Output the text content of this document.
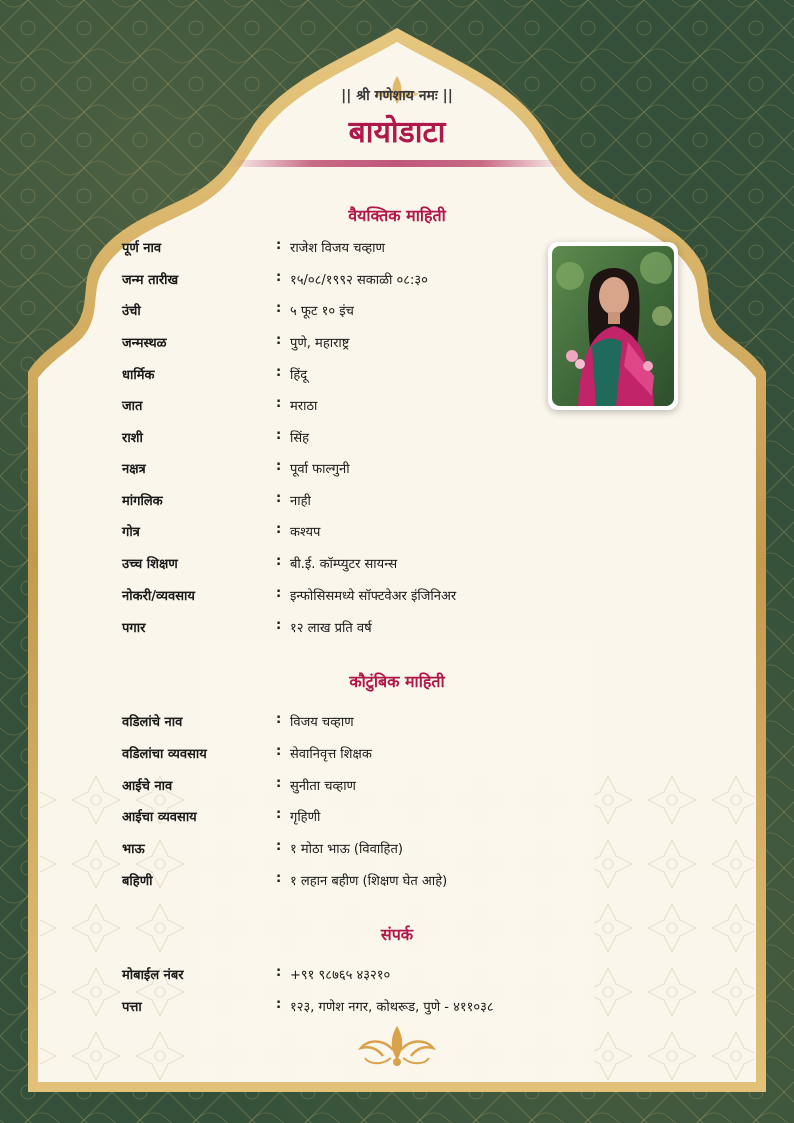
|| श्री गणेशाय नमः ||
बायोडाटा
वैयक्तिक माहिती
पूर्ण नाव	: राजेश विजय चव्हाण
जन्म तारीख	: १५/०८/१९९२ सकाळी ०८:३०
उंची	: ५ फूट १० इंच
जन्मस्थळ	: पुणे, महाराष्ट्र
धार्मिक	: हिंदू
जात	: मराठा
राशी	: सिंह
नक्षत्र	: पूर्वा फाल्गुनी
मांगलिक	: नाही
गोत्र	: कश्यप
उच्च शिक्षण	: बी.ई. कॉम्प्युटर सायन्स
नोकरी/व्यवसाय	: इन्फोसिसमध्ये सॉफ्टवेअर इंजिनिअर
पगार	: १२ लाख प्रति वर्ष
कौटुंबिक माहिती
वडिलांचे नाव	: विजय चव्हाण
वडिलांचा व्यवसाय	: सेवानिवृत्त शिक्षक
आईचे नाव	: सुनीता चव्हाण
आईचा व्यवसाय	: गृहिणी
भाऊ	: १ मोठा भाऊ (विवाहित)
बहिणी	: १ लहान बहीण (शिक्षण घेत आहे)
संपर्क
मोबाईल नंबर	: +९१ ९८७६५ ४३२१०
पत्ता	: १२३, गणेश नगर, कोथरूड, पुणे - ४११०३८
